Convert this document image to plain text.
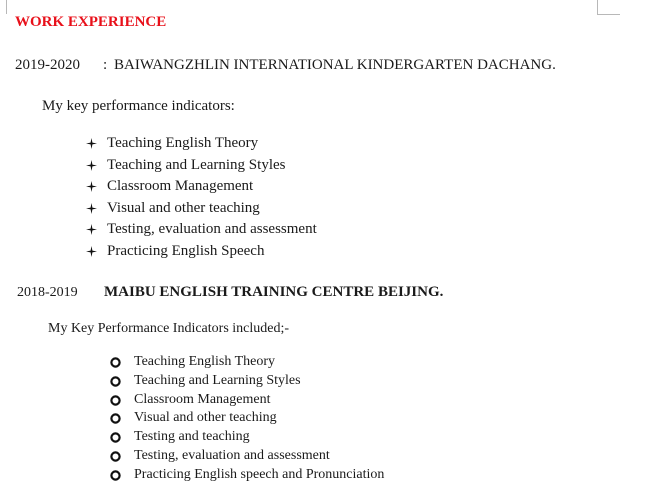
WORK EXPERIENCE
2019-2020 : BAIWANGZHLIN INTERNATIONAL KINDERGARTEN DACHANG.
My key performance indicators:
Teaching English Theory
Teaching and Learning Styles
Classroom Management
Visual and other teaching
Testing, evaluation and assessment
Practicing English Speech
2018-2019 MAIBU ENGLISH TRAINING CENTRE BEIJING.
My Key Performance Indicators included;-
Teaching English Theory
Teaching and Learning Styles
Classroom Management
Visual and other teaching
Testing and teaching
Testing, evaluation and assessment
Practicing English speech and Pronunciation
